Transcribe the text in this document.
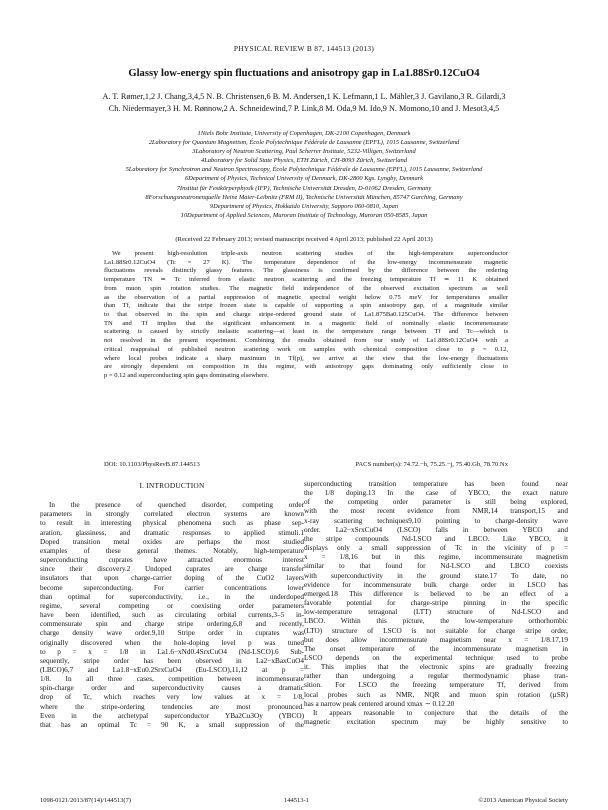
PHYSICAL REVIEW B 87, 144513 (2013)
Glassy low-energy spin fluctuations and anisotropy gap in La1.88Sr0.12CuO4
A. T. Rømer,1,2 J. Chang,3,4,5 N. B. Christensen,6 B. M. Andersen,1 K. Lefmann,1 L. Mähler,3 J. Gavilano,3 R. Gilardi,3
Ch. Niedermayer,3 H. M. Rønnow,2 A. Schneidewind,7 P. Link,8 M. Oda,9 M. Ido,9 N. Momono,10 and J. Mesot3,4,5
1Niels Bohr Institute, University of Copenhagen, DK-2100 Copenhagen, Denmark
2Laboratory for Quantum Magnetism, École Polytechnique Fédérale de Lausanne (EPFL), 1015 Lausanne, Switzerland
3Laboratory of Neutron Scattering, Paul Scherrer Institute, 5232-Villigen, Switzerland
4Laboratory for Solid State Physics, ETH Zürich, CH-8093 Zürich, Switzerland
5Laboratory for Synchrotron and Neutron Spectroscopy, École Polytechnique Fédérale de Lausanne (EPFL), 1015 Lausanne, Switzerland
6Department of Physics, Technical University of Denmark, DK-2800 Kgs. Lyngby, Denmark
7Institut für Festkörperphysik (IFP), Technische Universität Dresden, D-01062 Dresden, Germany
8Forschungsneutronenquelle Heinz Maier-Leibnitz (FRM II), Technische Universität München, 85747 Garching, Germany
9Department of Physics, Hokkaido University, Sapporo 060-0810, Japan
10Department of Applied Sciences, Muroran Institute of Technology, Muroran 050-8585, Japan
(Received 22 February 2013; revised manuscript received 4 April 2013; published 22 April 2013)
We present high-resolution triple-axis neutron scattering studies of the high-temperature superconductor
La1.88Sr0.12CuO4 (Tc = 27 K). The temperature dependence of the low-energy incommensurate magnetic
fluctuations reveals distinctly glassy features. The glassiness is confirmed by the difference between the ordering
temperature TN ≃ Tc inferred from elastic neutron scattering and the freezing temperature Tf ≃ 11 K obtained
from muon spin rotation studies. The magnetic field independence of the observed excitation spectrum as well
as the observation of a partial suppression of magnetic spectral weight below 0.75 meV for temperatures smaller
than Tf, indicate that the stripe frozen state is capable of supporting a spin anisotropy gap, of a magnitude similar
to that observed in the spin and charge stripe-ordered ground state of La1.875Ba0.125CuO4. The difference between
TN and Tf implies that the significant enhancement in a magnetic field of nominally elastic incommensurate
scattering is caused by strictly inelastic scattering—at least in the temperature range between Tf and Tc—which is
not resolved in the present experiment. Combining the results obtained from our study of La1.88Sr0.12CuO4 with a
critical reappraisal of published neutron scattering work on samples with chemical composition close to p = 0.12,
where local probes indicate a sharp maximum in Tf(p), we arrive at the view that the low-energy fluctuations
are strongly dependent on composition in this regime, with anisotropy gaps dominating only sufficiently close to
p = 0.12 and superconducting spin gaps dominating elsewhere.
DOI: 10.1103/PhysRevB.87.144513	PACS number(s): 74.72.−h, 75.25.−j, 75.40.Gb, 78.70.Nx
I. INTRODUCTION
In the presence of quenched disorder, competing order
parameters in strongly correlated electron systems are known
to result in interesting physical phenomena such as phase sep-
aration, glassiness, and dramatic responses to applied stimuli.1
Doped transition metal oxides are perhaps the most studied
examples of these general themes. Notably, high-temperature
superconducting cuprates have attracted enormous interest
since their discovery.2 Undoped cuprates are charge transfer
insulators that upon charge-carrier doping of the CuO2 layers
become superconducting. For carrier concentrations lower
than optimal for superconductivity, i.e., in the underdoped
regime, several competing or coexisting order parameters
have been identified, such as circulating orbital currents,3–5 in-
commensurate spin and charge stripe ordering,6,8 and recently,
charge density wave order.9,10 Stripe order in cuprates was
originally discovered when the hole-doping level p was tuned
to p = x = 1/8 in La1.6−xNd0.4SrxCuO4 (Nd-LSCO).6 Sub-
sequently, stripe order has been observed in La2−xBaxCuO4
(LBCO)6,7 and La1.8−xEu0.2SrxCuO4 (Eu-LSCO),11,12 at p =
1/8. In all three cases, competition between incommensurate
spin-charge order and superconductivity causes a dramatic
drop of Tc, which reaches very low values at x = 1/8,
where the stripe-ordering tendencies are most pronounced.
Even in the archetypal superconductor YBa2Cu3Oy (YBCO)
that has an optimal Tc = 90 K, a small suppression of the
superconducting transition temperature has been found near
the 1/8 doping.13 In the case of YBCO, the exact nature
of the competing order parameter is still being explored,
with the most recent evidence from NMR,14 transport,15 and
x-ray scattering techniques9,10 pointing to charge-density wave
order. La2−xSrxCuO4 (LSCO) falls in between YBCO and
the stripe compounds Nd-LSCO and LBCO. Like YBCO, it
displays only a small suppression of Tc in the vicinity of p =
x = 1/8,16 but in this regime, incommensurate magnetism
similar to that found for Nd-LSCO and LBCO coexists
with superconductivity in the ground state.17 To date, no
evidence for incommensurate bulk charge order in LSCO has
emerged.18 This difference is believed to be an effect of a
favorable potential for charge-stripe pinning in the specific
low-temperature tetragonal (LTT) structure of Nd-LSCO and
LBCO. Within this picture, the low-temperature orthorhombic
(LTO) structure of LSCO is not suitable for charge stripe order,
but does allow incommensurate magnetism near x = 1/8.17,19
The onset temperature of the incommensurate magnetism in
LSCO depends on the experimental technique used to probe
it. This implies that the electronic spins are gradually freezing
rather than undergoing a regular thermodynamic phase tran-
sition. For LSCO the freezing temperature Tf, derived from
local probes such as NMR, NQR and muon spin rotation (µSR)
has a narrow peak centered around xmax ∼ 0.12.20
It appears reasonable to conjecture that the details of the
magnetic excitation spectrum may be highly sensitive to
1098-0121/2013/87(14)/144513(7)	144513-1	©2013 American Physical Society
